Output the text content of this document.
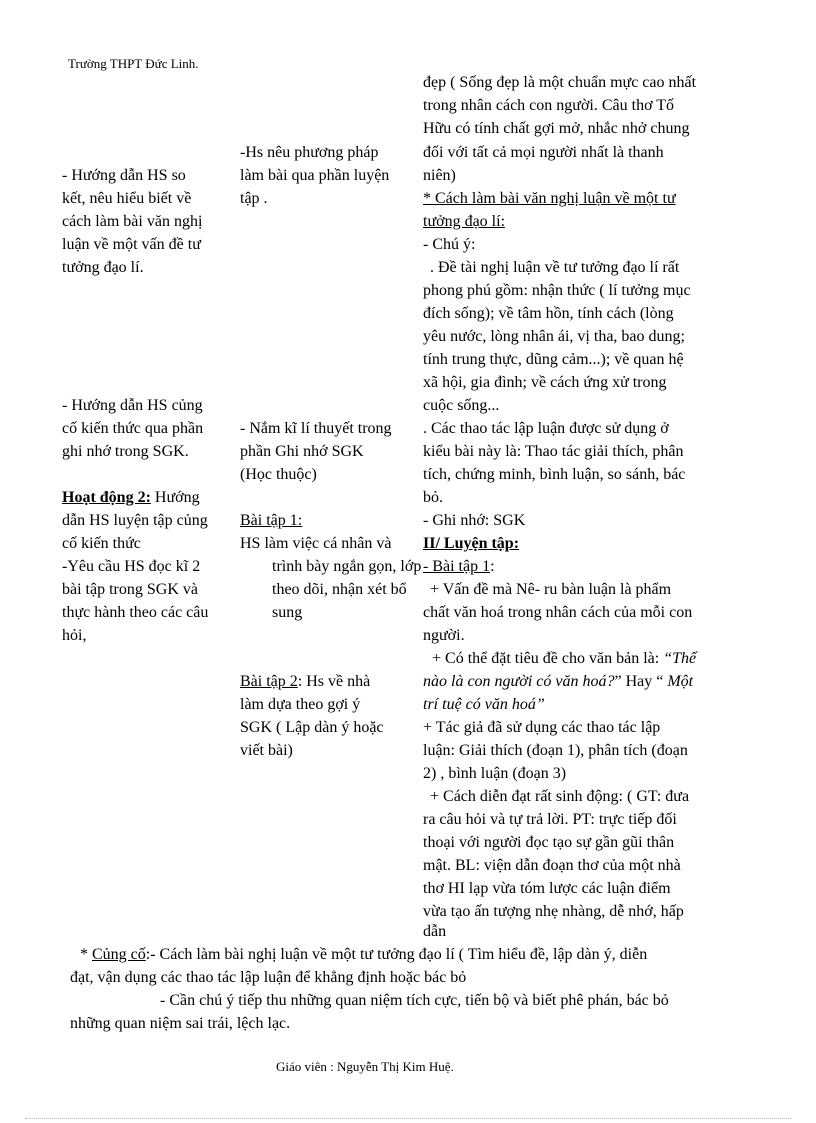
Trường THPT Đức Linh.
đẹp ( Sống đẹp là một chuẩn mực cao nhất
trong nhân cách con người. Câu thơ Tố
Hữu có tính chất gợi mở, nhắc nhở chung
đối với tất cả mọi người nhất là thanh
niên)
-Hs nêu phương pháp
làm bài qua phần luyện
tập .
- Hướng dẫn HS so
kết, nêu hiểu biết về
cách làm bài văn nghị
luận về một vấn đề tư
tưởng đạo lí.
* Cách làm bài văn nghị luận về một tư
tưởng đạo lí:
- Chú ý:
. Đề tài nghị luận về tư tưởng đạo lí rất
phong phú gồm: nhận thức ( lí tưởng mục
đích sống); về tâm hồn, tính cách (lòng
yêu nước, lòng nhân ái, vị tha, bao dung;
tính trung thực, dũng cảm...); về quan hệ
xã hội, gia đình; về cách ứng xử trong
cuộc sống...
. Các thao tác lập luận được sử dụng ở
kiểu bài này là: Thao tác giải thích, phân
tích, chứng minh, bình luận, so sánh, bác
bỏ.
- Ghi nhớ: SGK
II/ Luyện tập:
- Bài tập 1:
+ Vấn đề mà Nê- ru bàn luận là phẩm
chất văn hoá trong nhân cách của mỗi con
người.
+ Có thể đặt tiêu đề cho văn bản là: “Thế
nào là con người có văn hoá?” Hay “ Một
trí tuệ có văn hoá”
+ Tác giả đã sử dụng các thao tác lập
luận: Giải thích (đoạn 1), phân tích (đoạn
2) , bình luận (đoạn 3)
+ Cách diễn đạt rất sinh động: ( GT: đưa
ra câu hỏi và tự trả lời. PT: trực tiếp đối
thoại với người đọc tạo sự gần gũi thân
mật. BL: viện dẫn đoạn thơ của một nhà
thơ HI lạp vừa tóm lược các luận điểm
vừa tạo ấn tượng nhẹ nhàng, dễ nhớ, hấp
dẫn
- Hướng dẫn HS củng
cố kiến thức qua phần
ghi nhớ trong SGK.
- Nắm kĩ lí thuyết trong
phần Ghi nhớ SGK
(Học thuộc)
Hoạt động 2: Hướng
dẫn HS luyện tập củng
cố kiến thức
-Yêu cầu HS đọc kĩ 2
bài tập trong SGK và
thực hành theo các câu
hỏi,
Bài tập 1:
HS làm việc cá nhân và
trình bày ngắn gọn, lớp
theo dõi, nhận xét bổ
sung
Bài tập 2: Hs về nhà
làm dựa theo gợi ý
SGK ( Lập dàn ý hoặc
viết bài)
* Củng cố:- Cách làm bài nghị luận về một tư tưởng đạo lí ( Tìm hiểu đề, lập dàn ý, diễn
đạt, vận dụng các thao tác lập luận để khẳng định hoặc bác bỏ
- Cần chú ý tiếp thu những quan niệm tích cực, tiến bộ và biết phê phán, bác bỏ
những quan niệm sai trái, lệch lạc.
Giáo viên : Nguyễn Thị Kim Huệ.
